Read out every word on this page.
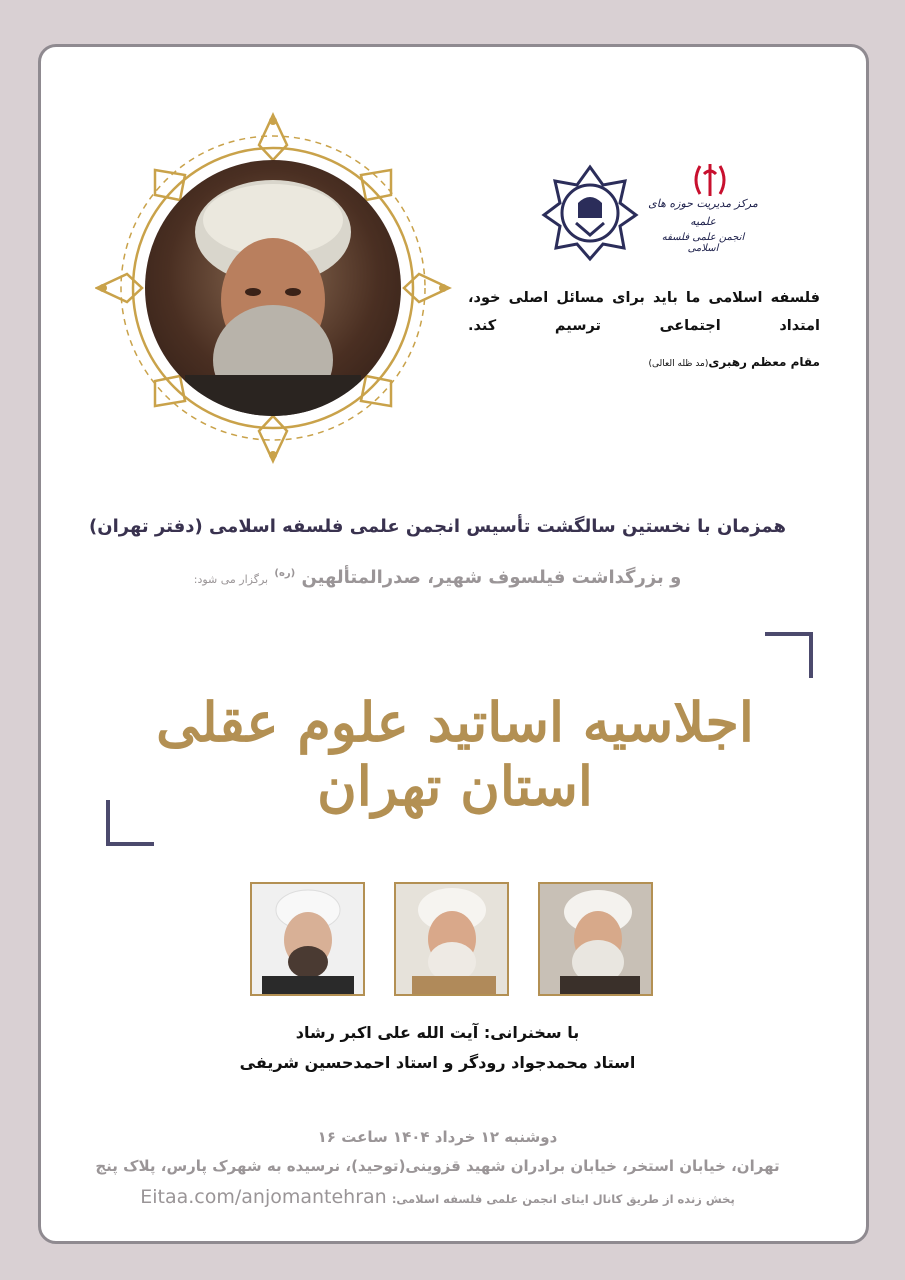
مرکز مدیریت حوزه های علمیه
انجمن علمی فلسفه اسلامی
فلسفه اسلامی ما باید برای مسائل اصلی خود، امتداد اجتماعی ترسیم کند.
مقام معظم رهبری(مد ظله العالی)
همزمان با نخستین سالگشت تأسیس انجمن علمی فلسفه اسلامی (دفتر تهران)
و بزرگداشت فیلسوف شهیر، صدرالمتألهین $^{(ره)}$ برگزار می شود:
اجلاسیه اساتید علوم عقلی استان تهران
با سخنرانی: آیت الله علی اکبر رشاد
استاد محمدجواد رودگر و استاد احمدحسین شریفی
دوشنبه ۱۲ خرداد ۱۴۰۴ ساعت ۱۶
تهران، خیابان استخر، خیابان برادران شهید قزوینی(توحید)، نرسیده به شهرک پارس، پلاک پنج
پخش زنده از طریق کانال ایتای انجمن علمی فلسفه اسلامی: Eitaa.com/anjomantehran
